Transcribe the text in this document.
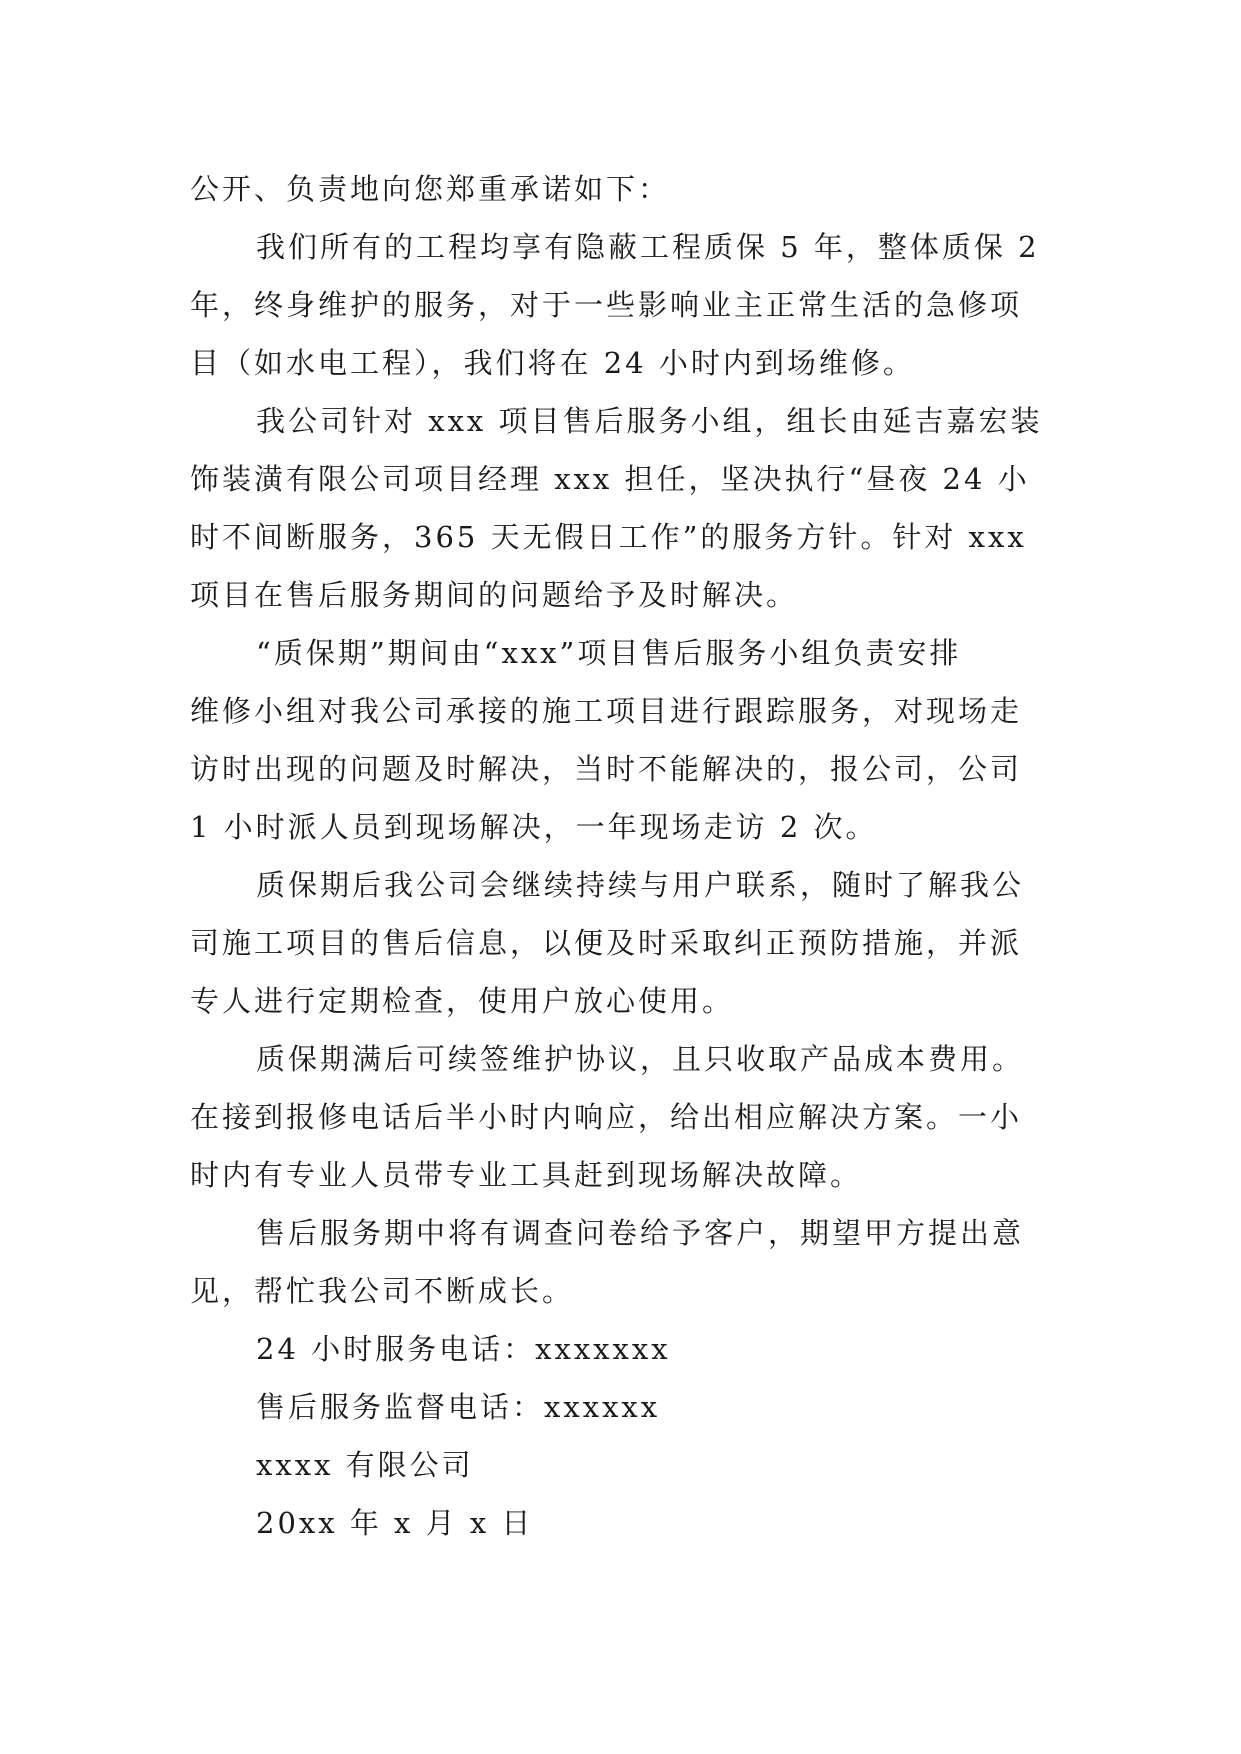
公开、负责地向您郑重承诺如下：
我们所有的工程均享有隐蔽工程质保 5 年，整体质保 2
年，终身维护的服务，对于一些影响业主正常生活的急修项
目（如水电工程），我们将在 24 小时内到场维修。
我公司针对 xxx 项目售后服务小组，组长由延吉嘉宏装
饰装潢有限公司项目经理 xxx 担任，坚决执行“昼夜 24 小
时不间断服务，365 天无假日工作”的服务方针。针对 xxx
项目在售后服务期间的问题给予及时解决。
“质保期”期间由“xxx”项目售后服务小组负责安排
维修小组对我公司承接的施工项目进行跟踪服务，对现场走
访时出现的问题及时解决，当时不能解决的，报公司，公司
1 小时派人员到现场解决，一年现场走访 2 次。
质保期后我公司会继续持续与用户联系，随时了解我公
司施工项目的售后信息，以便及时采取纠正预防措施，并派
专人进行定期检查，使用户放心使用。
质保期满后可续签维护协议，且只收取产品成本费用。
在接到报修电话后半小时内响应，给出相应解决方案。一小
时内有专业人员带专业工具赶到现场解决故障。
售后服务期中将有调查问卷给予客户，期望甲方提出意
见，帮忙我公司不断成长。
24 小时服务电话：xxxxxxx
售后服务监督电话：xxxxxx
xxxx 有限公司
20xx 年 x 月 x 日
